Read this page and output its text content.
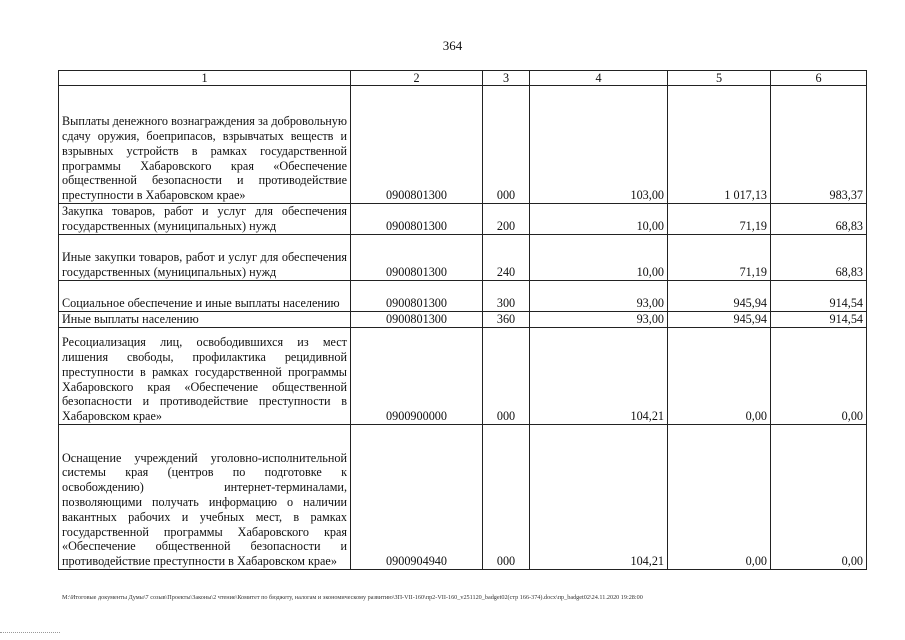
364
1	2	3	4	5	6
Выплаты денежного вознаграждения за добровольную сдачу оружия, боеприпасов, взрывчатых веществ и взрывных устройств в рамках государственной программы Хабаровского края «Обеспечение общественной безопасности и противодействие преступности в Хабаровском крае»	0900801300	000	103,00	1 017,13	983,37
Закупка товаров, работ и услуг для обеспечения государственных (муниципальных) нужд	0900801300	200	10,00	71,19	68,83
Иные закупки товаров, работ и услуг для обеспечения государственных (муниципальных) нужд	0900801300	240	10,00	71,19	68,83
Социальное обеспечение и иные выплаты населению	0900801300	300	93,00	945,94	914,54
Иные выплаты населению	0900801300	360	93,00	945,94	914,54
Ресоциализация лиц, освободившихся из мест лишения свободы, профилактика рецидивной преступности в рамках государственной программы Хабаровского края «Обеспечение общественной безопасности и противодействие преступности в Хабаровском крае»	0900900000	000	104,21	0,00	0,00
Оснащение учреждений уголовно-исполнительной системы края (центров по подготовке к освобождению) интернет-терминалами, позволяющими получать информацию о наличии вакантных рабочих и учебных мест, в рамках государственной программы Хабаровского края «Обеспечение общественной безопасности и противодействие преступности в Хабаровском крае»	0900904940	000	104,21	0,00	0,00
M:\Итоговые документы Думы\7 созыв\Проекты\Законы\2 чтение\Комитет по бюджету, налогам и экономическому развитию\ЗП-VII-160\пр2-VII-160_v251120_badget02(стр 166-374).docx\пр_badget02\24.11.2020 19:28:00
